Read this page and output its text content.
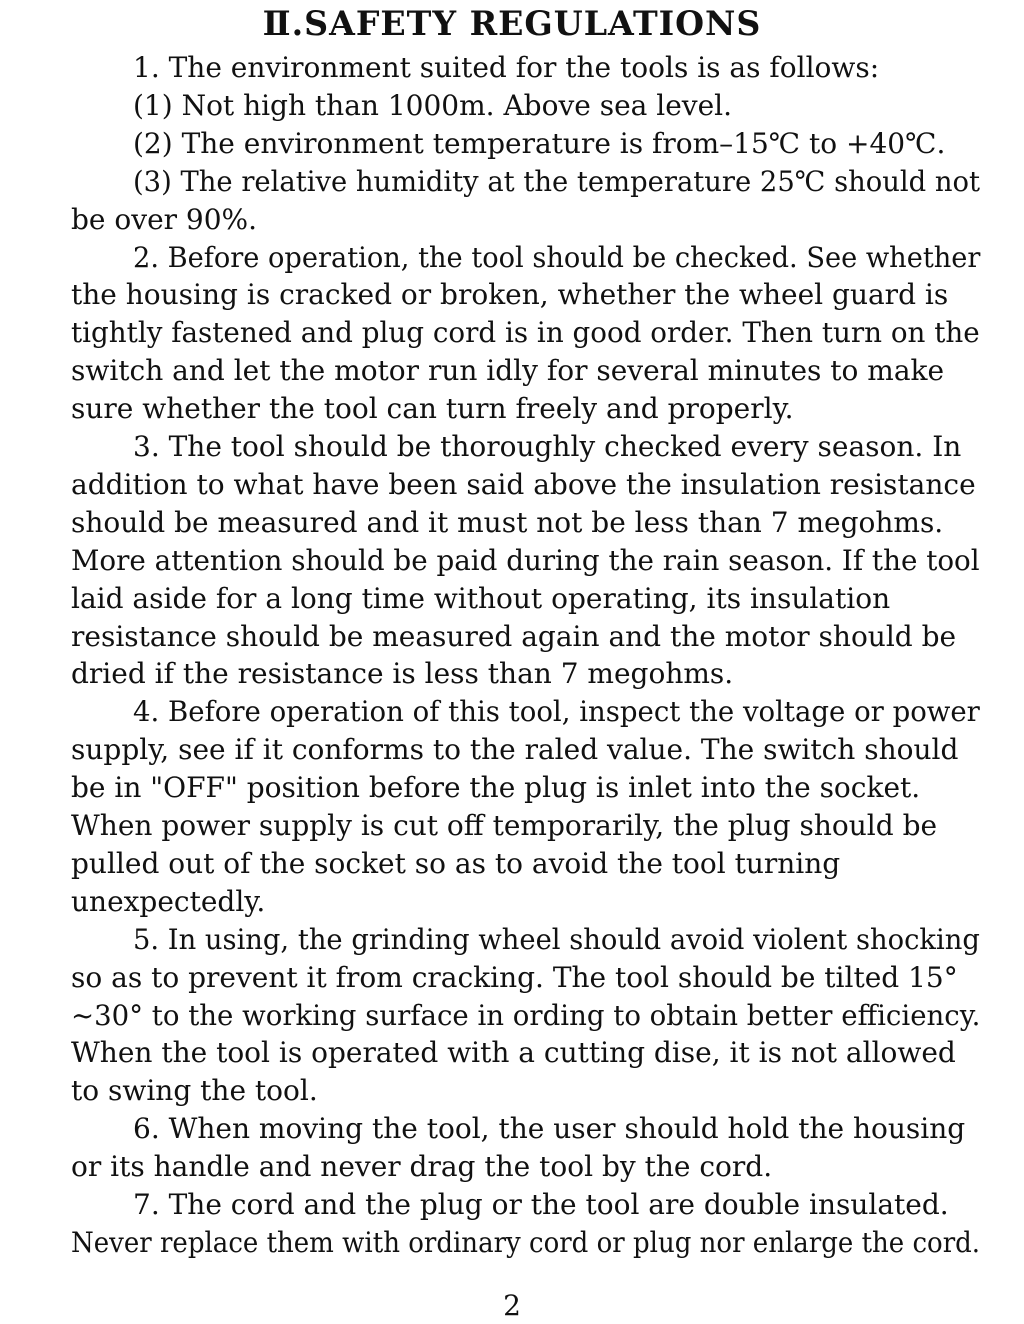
Ⅱ.SAFETY REGULATIONS
1. The environment suited for the tools is as follows:
(1) Not high than 1000m. Above sea level.
(2) The environment temperature is from–15℃ to +40℃.
(3) The relative humidity at the temperature 25℃ should not
be over 90%.
2. Before operation, the tool should be checked. See whether
the housing is cracked or broken, whether the wheel guard is
tightly fastened and plug cord is in good order. Then turn on the
switch and let the motor run idly for several minutes to make
sure whether the tool can turn freely and properly.
3. The tool should be thoroughly checked every season. In
addition to what have been said above the insulation resistance
should be measured and it must not be less than 7 megohms.
More attention should be paid during the rain season. If the tool
laid aside for a long time without operating, its insulation
resistance should be measured again and the motor should be
dried if the resistance is less than 7 megohms.
4. Before operation of this tool, inspect the voltage or power
supply, see if it conforms to the raled value. The switch should
be in "OFF" position before the plug is inlet into the socket.
When power supply is cut off temporarily, the plug should be
pulled out of the socket so as to avoid the tool turning
unexpectedly.
5. In using, the grinding wheel should avoid violent shocking
so as to prevent it from cracking. The tool should be tilted 15°
~30° to the working surface in ording to obtain better efficiency.
When the tool is operated with a cutting dise, it is not allowed
to swing the tool.
6. When moving the tool, the user should hold the housing
or its handle and never drag the tool by the cord.
7. The cord and the plug or the tool are double insulated.
Never replace them with ordinary cord or plug nor enlarge the cord.
2
